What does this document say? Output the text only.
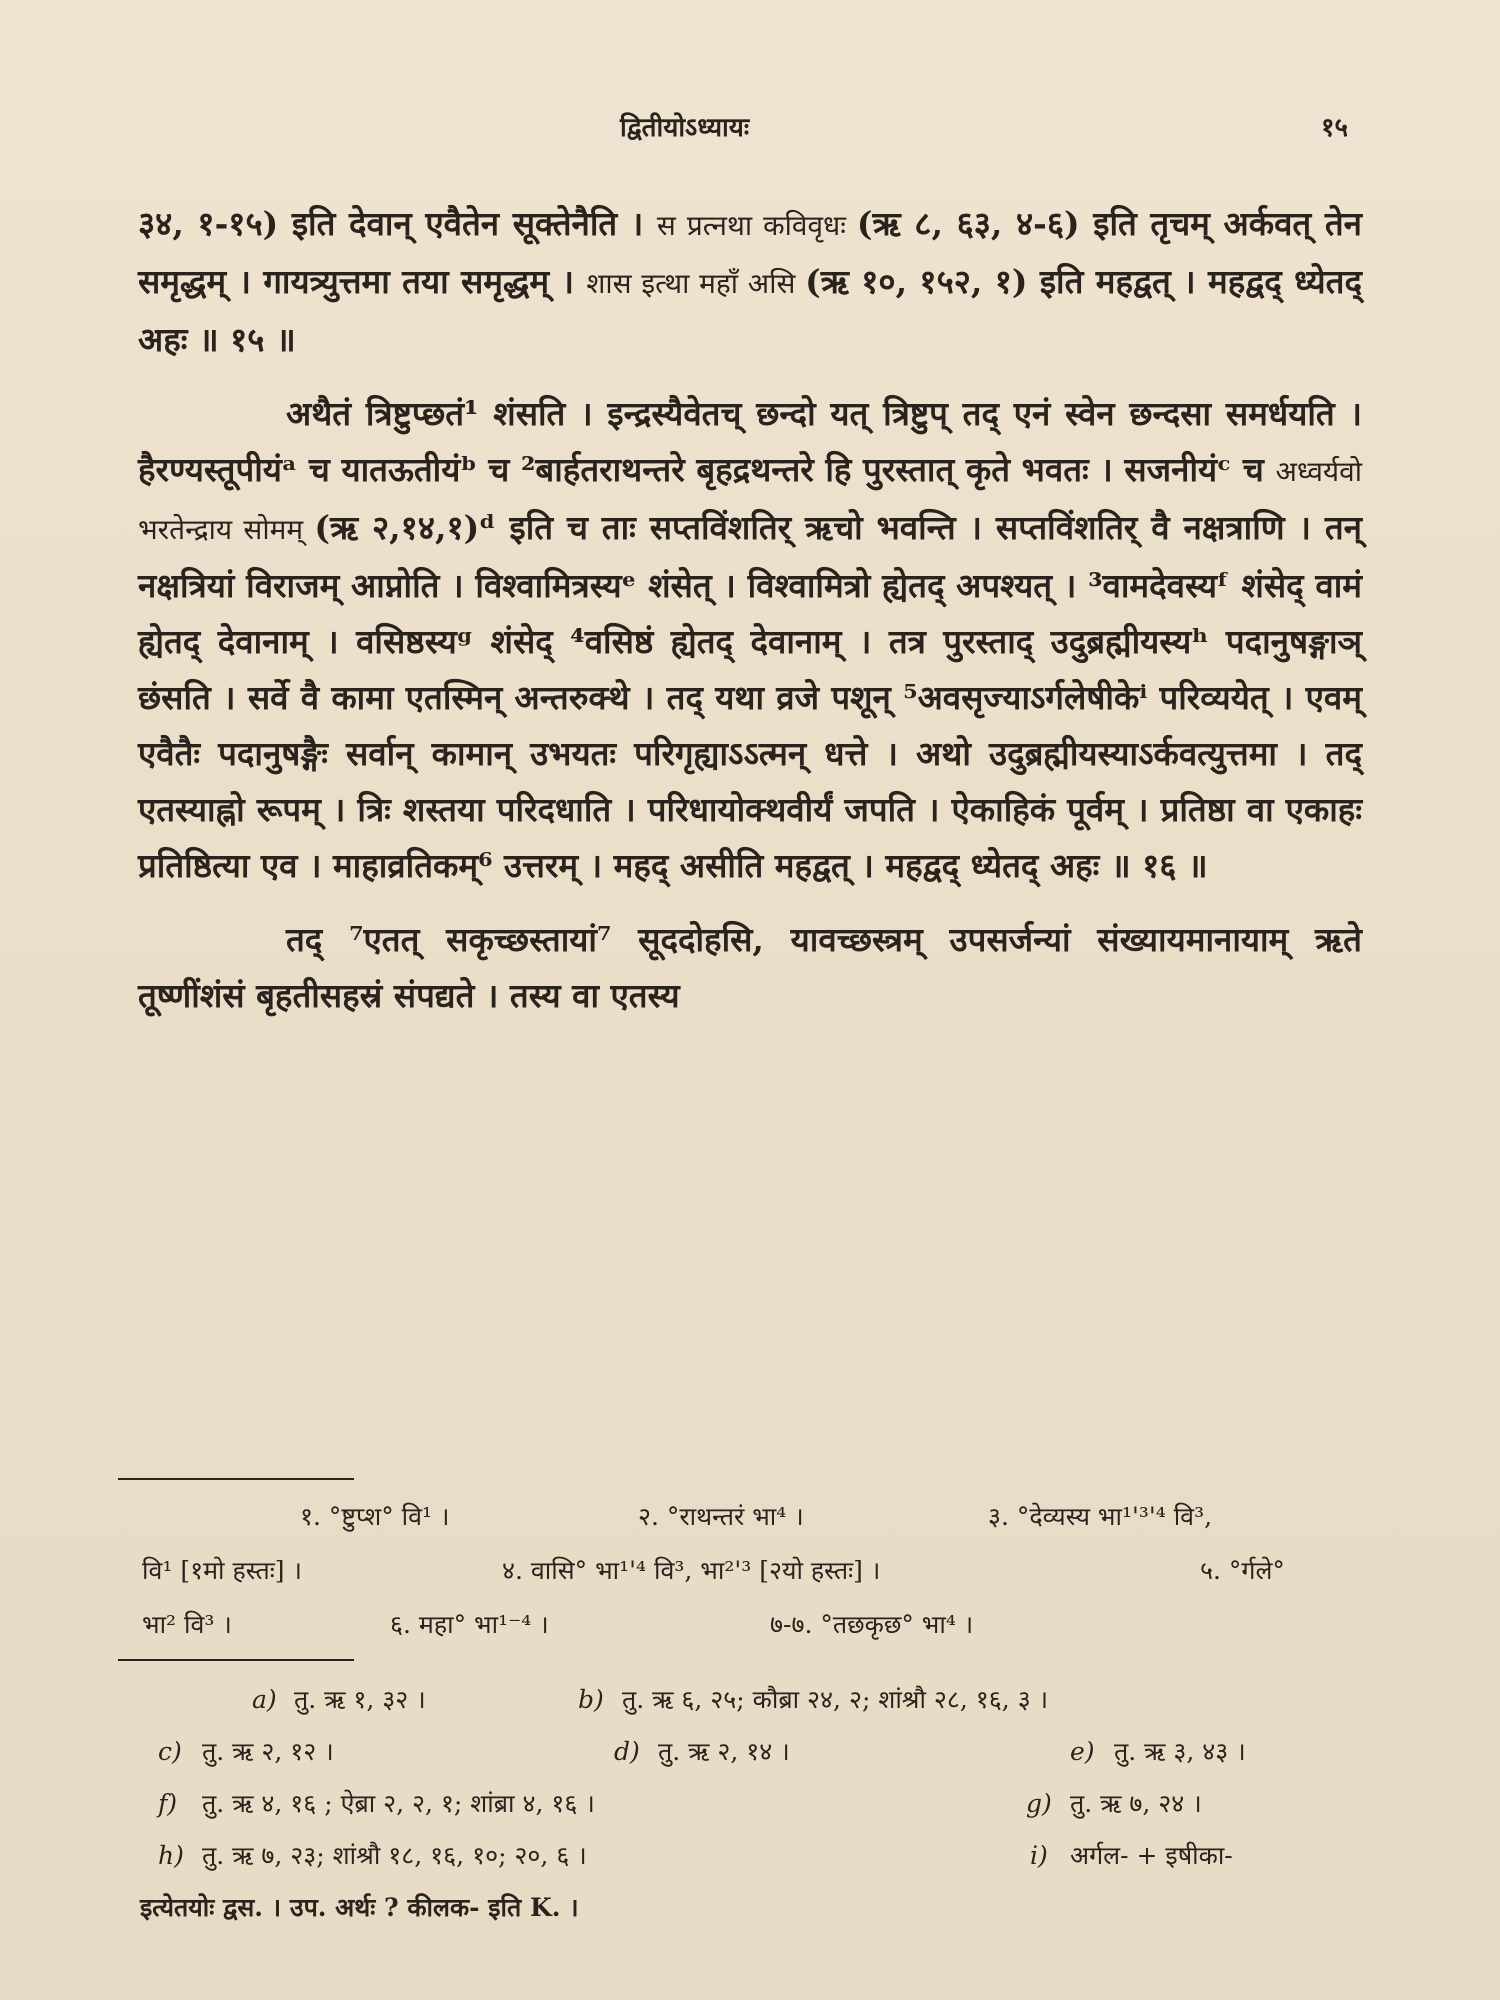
द्वितीयोऽध्यायः	१५

३४, १-१५) इति देवान् एवैतेन सूक्तेनैति । स प्रत्नथा कविवृधः (ऋ ८, ६३, ४-६) इति तृचम् अर्कवत् तेन समृद्धम् । गायत्र्युत्तमा तया समृद्धम् । शास इत्था महाँ असि (ऋ १०, १५२, १) इति महद्वत् । महद्वद् ध्येतद् अहः ॥ १५ ॥

अथैतं त्रिष्टुप्छतं¹ शंसति । इन्द्रस्यैवेतच् छन्दो यत् त्रिष्टुप् तद् एनं स्वेन छन्दसा समर्धयति । हैरण्यस्तूपीयंᵃ च यातऊतीयंᵇ च ²बार्हतराथन्तरे बृहद्रथन्तरे हि पुरस्तात् कृते भवतः । सजनीयंᶜ च अध्वर्यवो भरतेन्द्राय सोमम् (ऋ २,१४,१)ᵈ इति च ताः सप्तविंशतिर् ऋचो भवन्ति । सप्तविंशतिर् वै नक्षत्राणि । तन् नक्षत्रियां विराजम् आप्नोति । विश्वामित्रस्यᵉ शंसेत् । विश्वामित्रो ह्येतद् अपश्यत् । ³वामदेवस्यᶠ शंसेद् वामं ह्येतद् देवानाम् । वसिष्ठस्यᵍ शंसेद् ⁴वसिष्ठं ह्येतद् देवानाम् । तत्र पुरस्ताद् उदुब्रह्मीयस्यʰ पदानुषङ्गाञ् छंसति । सर्वे वै कामा एतस्मिन् अन्तरुक्थे । तद् यथा व्रजे पशून् ⁵अवसृज्याऽर्गलेषीकेⁱ परिव्ययेत् । एवम् एवैतैः पदानुषङ्गैः सर्वान् कामान् उभयतः परिगृह्याऽऽत्मन् धत्ते । अथो उदुब्रह्मीयस्याऽर्कवत्युत्तमा । तद् एतस्याह्नो रूपम् । त्रिः शस्तया परिदधाति । परिधायोक्थवीर्यं जपति । ऐकाहिकं पूर्वम् । प्रतिष्ठा वा एकाहः प्रतिष्ठित्या एव । माहाव्रतिकम्⁶ उत्तरम् । महद् असीति महद्वत् । महद्वद् ध्येतद् अहः ॥ १६ ॥

तद् ⁷एतत् सकृच्छस्तायां⁷ सूददोहसि, यावच्छस्त्रम् उपसर्जन्यां संख्यायमानायाम् ऋते तूष्णींशंसं बृहतीसहस्रं संपद्यते । तस्य वा एतस्य

१. °ष्टुप्श° वि¹ ।	२. °राथन्तरं भा⁴ ।	३. °देव्यस्य भा¹'³'⁴ वि³,
वि¹ [१मो हस्तः] ।	४. वासि° भा¹'⁴ वि³, भा²'³ [२यो हस्तः] ।	५. °र्गले°
भा² वि³ ।	६. महा° भा¹⁻⁴ ।	७-७. °तछकृछ° भा⁴ ।
a) तु. ऋ १, ३२ ।	b) तु. ऋ ६, २५; कौब्रा २४, २; शांश्रौ २८, १६, ३ ।
c) तु. ऋ २, १२ ।	d) तु. ऋ २, १४ ।	e) तु. ऋ ३, ४३ ।
f) तु. ऋ ४, १६ ; ऐब्रा २, २, १; शांब्रा ४, १६ ।	g) तु. ऋ ७, २४ ।
h) तु. ऋ ७, २३; शांश्रौ १८, १६, १०; २०, ६ ।	i) अर्गल- + इषीका-
इत्येतयोः द्वस. । उप. अर्थः ? कीलक- इति K. ।
